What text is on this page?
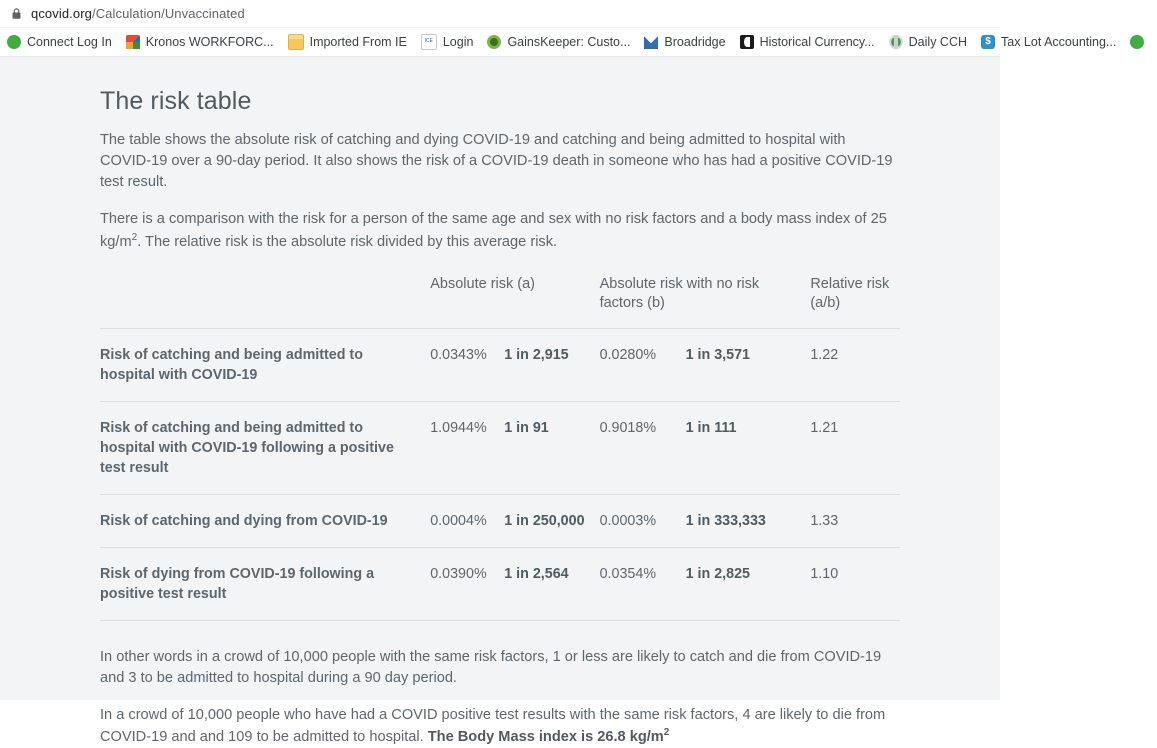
qcovid.org/Calculation/Unvaccinated
Connect Log In	Kronos WORKFORC...	Imported From IE	ICE Login	GainsKeeper: Custo...	Broadridge	Historical Currency...	Daily CCH	$ Tax Lot Accounting...
The risk table

The table shows the absolute risk of catching and dying COVID-19 and catching and being admitted to hospital with COVID-19 over a 90-day period. It also shows the risk of a COVID-19 death in someone who has had a positive COVID-19 test result.

There is a comparison with the risk for a person of the same age and sex with no risk factors and a body mass index of 25 $kg/m^2$. The relative risk is the absolute risk divided by this average risk.

	Absolute risk (a)	Absolute risk with no risk factors (b)	Relative risk (a/b)
Risk of catching and being admitted to hospital with COVID-19	0.0343% 1 in 2,915	0.0280% 1 in 3,571	1.22
Risk of catching and being admitted to hospital with COVID-19 following a positive test result	1.0944% 1 in 91	0.9018% 1 in 111	1.21
Risk of catching and dying from COVID-19	0.0004% 1 in 250,000	0.0003% 1 in 333,333	1.33
Risk of dying from COVID-19 following a positive test result	0.0390% 1 in 2,564	0.0354% 1 in 2,825	1.10

In other words in a crowd of 10,000 people with the same risk factors, 1 or less are likely to catch and die from COVID-19 and 3 to be admitted to hospital during a 90 day period.

In a crowd of 10,000 people who have had a COVID positive test results with the same risk factors, 4 are likely to die from COVID-19 and and 109 to be admitted to hospital. The Body Mass index is 26.8 $kg/m^2$
